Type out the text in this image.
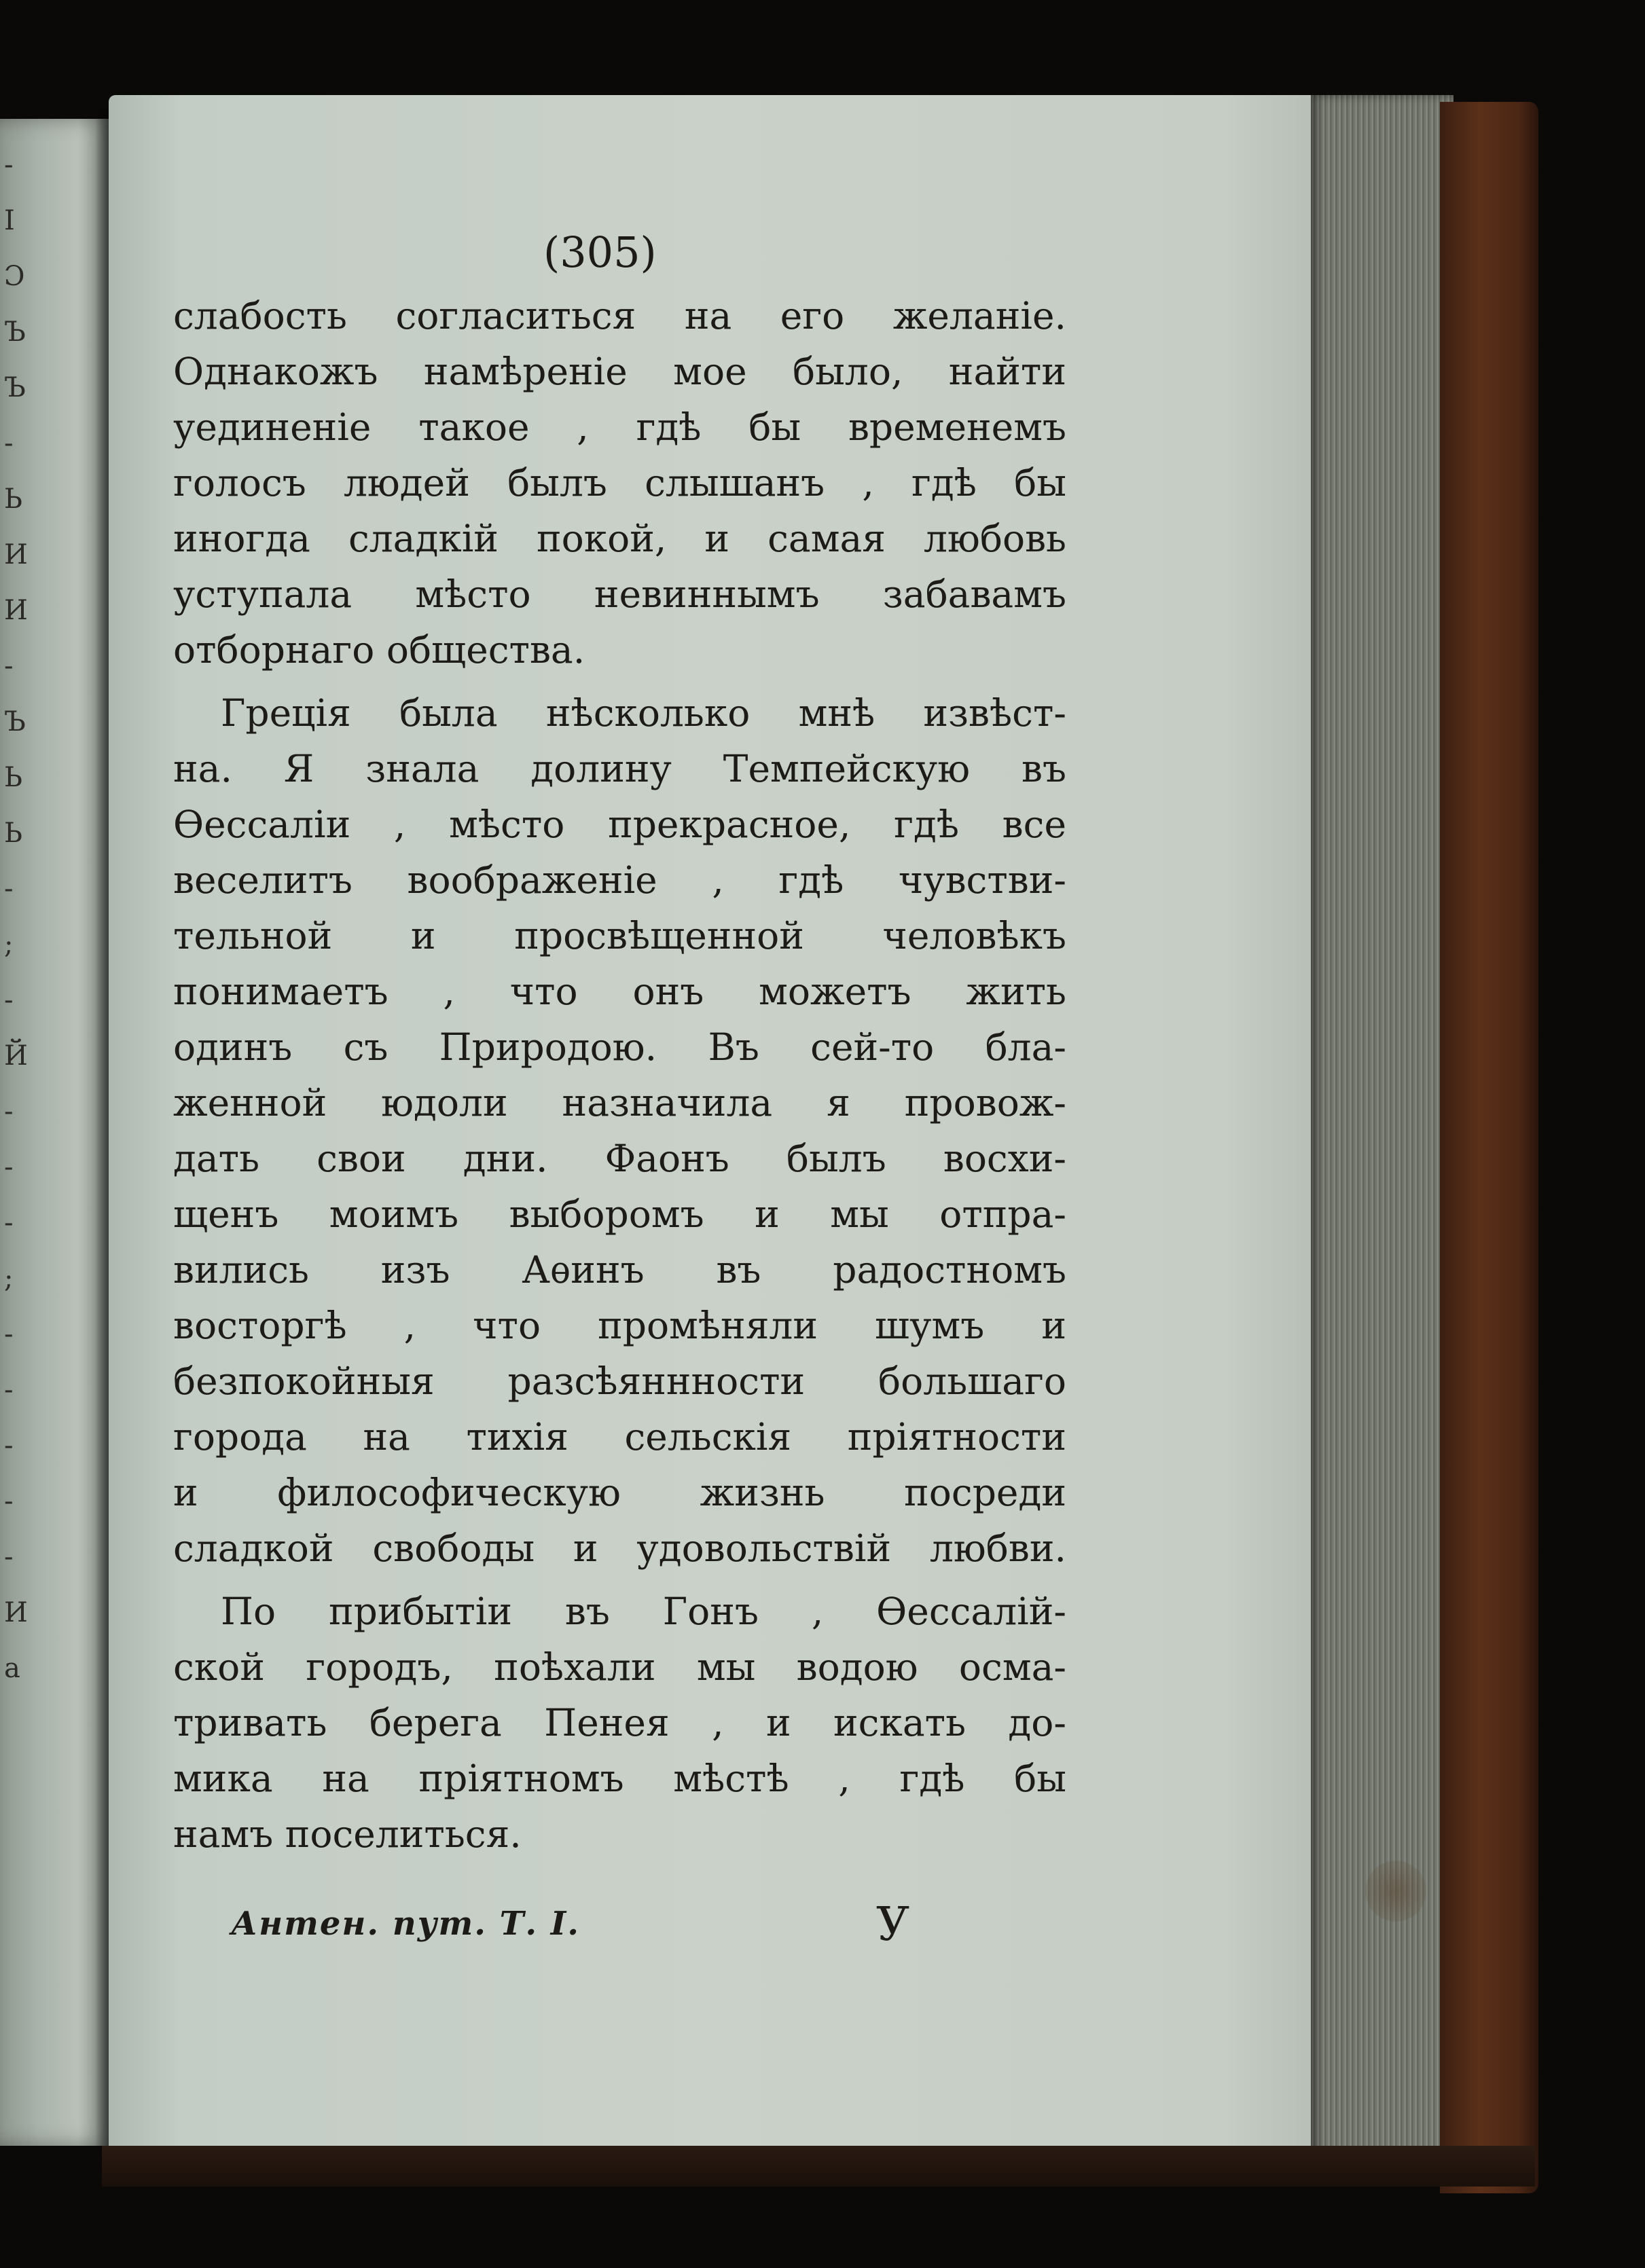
-
I
Ɔ
Ъ
Ъ
-
Ь
И
И
-
Ъ
Ь
Ь
-
;
-
Й
-
-
-
;
-
-
-
-
-
И
а
(305)
слабость согласиться на его желаніе.
Однакожъ намѣреніе мое было, найти
уединеніе такое , гдѣ бы временемъ
голосъ людей былъ слышанъ , гдѣ бы
иногда сладкій покой, и самая любовь
уступала мѣсто невиннымъ забавамъ
отборнаго общества.
Греція была нѣсколько мнѣ извѣст-
на. Я знала долину Темпейскую въ
Ѳессаліи , мѣсто прекрасное, гдѣ все
веселитъ воображеніе , гдѣ чувстви-
тельной и просвѣщенной человѣкъ
понимаетъ , что онъ можетъ жить
одинъ съ Природою. Въ сей-то бла-
женной юдоли назначила я провож-
дать свои дни. Фаонъ былъ восхи-
щенъ моимъ выборомъ и мы отпра-
вились изъ Аѳинъ въ радостномъ
восторгѣ , что промѣняли шумъ и
безпокойныя разсѣяннности большаго
города на тихія сельскія пріятности
и философическую жизнь посреди
сладкой свободы и удовольствій любви.
По прибытіи въ Гонъ , Ѳессалій-
ской городъ, поѣхали мы водою осма-
тривать берега Пенея , и искать до-
мика на пріятномъ мѣстѣ , гдѣ бы
намъ поселиться.
Антен. пут. Т. I.	У
